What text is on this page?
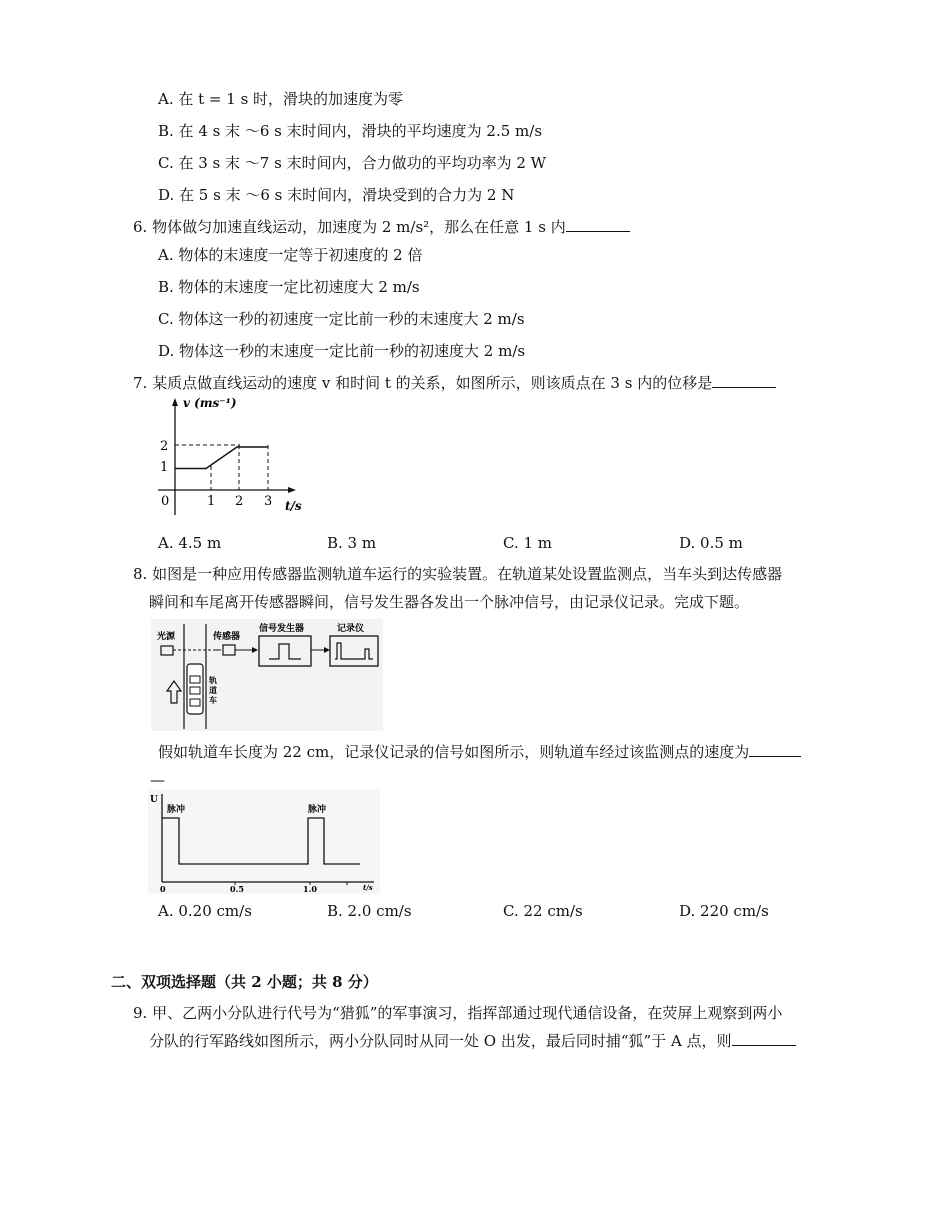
A. 在 t = 1 s 时，滑块的加速度为零
B. 在 4 s 末 ～6 s 末时间内，滑块的平均速度为 2.5 m/s
C. 在 3 s 末 ～7 s 末时间内，合力做功的平均功率为 2 W
D. 在 5 s 末 ～6 s 末时间内，滑块受到的合力为 2 N
6. 物体做匀加速直线运动，加速度为 2 m/s²，那么在任意 1 s 内
A. 物体的末速度一定等于初速度的 2 倍
B. 物体的末速度一定比初速度大 2 m/s
C. 物体这一秒的初速度一定比前一秒的末速度大 2 m/s
D. 物体这一秒的末速度一定比前一秒的初速度大 2 m/s
7. 某质点做直线运动的速度 v 和时间 t 的关系，如图所示，则该质点在 3 s 内的位移是
v (ms⁻¹)
2
1
0	1 2 3 t/s
A. 4.5 m	B. 3 m	C. 1 m	D. 0.5 m
8. 如图是一种应用传感器监测轨道车运行的实验装置。在轨道某处设置监测点，当车头到达传感器
瞬间和车尾离开传感器瞬间，信号发生器各发出一个脉冲信号，由记录仪记录。完成下题。
光源	传感器
信号发生器	记录仪
轨
道
车
假如轨道车长度为 22 cm，记录仪记录的信号如图所示，则轨道车经过该监测点的速度为
—
U
脉冲	脉冲
0	0.5	1.0	t/s
A. 0.20 cm/s	B. 2.0 cm/s	C. 22 cm/s	D. 220 cm/s
二、双项选择题（共 2 小题；共 8 分）
9. 甲、乙两小分队进行代号为“猎狐”的军事演习，指挥部通过现代通信设备，在荧屏上观察到两小
分队的行军路线如图所示，两小分队同时从同一处 O 出发，最后同时捕“狐”于 A 点，则
